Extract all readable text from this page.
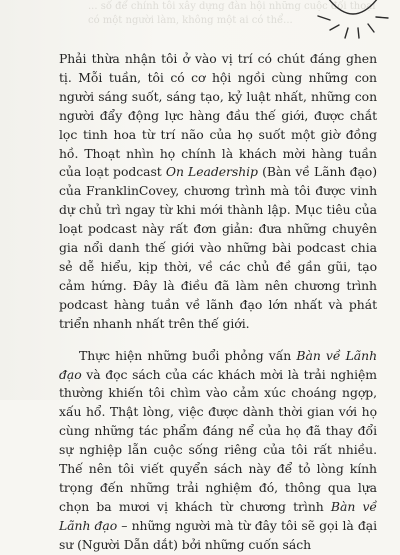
... số để chính tôi xây dựng đàn hội những cuộc đối thoại
có một người làm, không một ai có thể...

Phải thừa nhận tôi ở vào vị trí có chút đáng ghen tị. Mỗi tuần, tôi có cơ hội ngồi cùng những con người sáng suốt, sáng tạo, kỷ luật nhất, những con người đẩy động lực hàng đầu thế giới, được chắt lọc tinh hoa từ trí não của họ suốt một giờ đồng hồ. Thoạt nhìn họ chính là khách mời hàng tuần của loạt podcast On Leadership (Bàn về Lãnh đạo) của FranklinCovey, chương trình mà tôi được vinh dự chủ trì ngay từ khi mới thành lập. Mục tiêu của loạt podcast này rất đơn giản: đưa những chuyên gia nổi danh thế giới vào những bài podcast chia sẻ dễ hiểu, kịp thời, về các chủ đề gần gũi, tạo cảm hứng. Đây là điều đã làm nên chương trình podcast hàng tuần về lãnh đạo lớn nhất và phát triển nhanh nhất trên thế giới.

Thực hiện những buổi phỏng vấn Bàn về Lãnh đạo và đọc sách của các khách mời là trải nghiệm thường khiến tôi chìm vào cảm xúc choáng ngợp, xấu hổ. Thật lòng, việc được dành thời gian với họ cùng những tác phẩm đáng nể của họ đã thay đổi sự nghiệp lẫn cuộc sống riêng của tôi rất nhiều. Thế nên tôi viết quyển sách này để tỏ lòng kính trọng đến những trải nghiệm đó, thông qua lựa chọn ba mươi vị khách từ chương trình Bàn về Lãnh đạo – những người mà từ đây tôi sẽ gọi là đại sư (Người Dẫn dắt) bởi những cuốn sách
